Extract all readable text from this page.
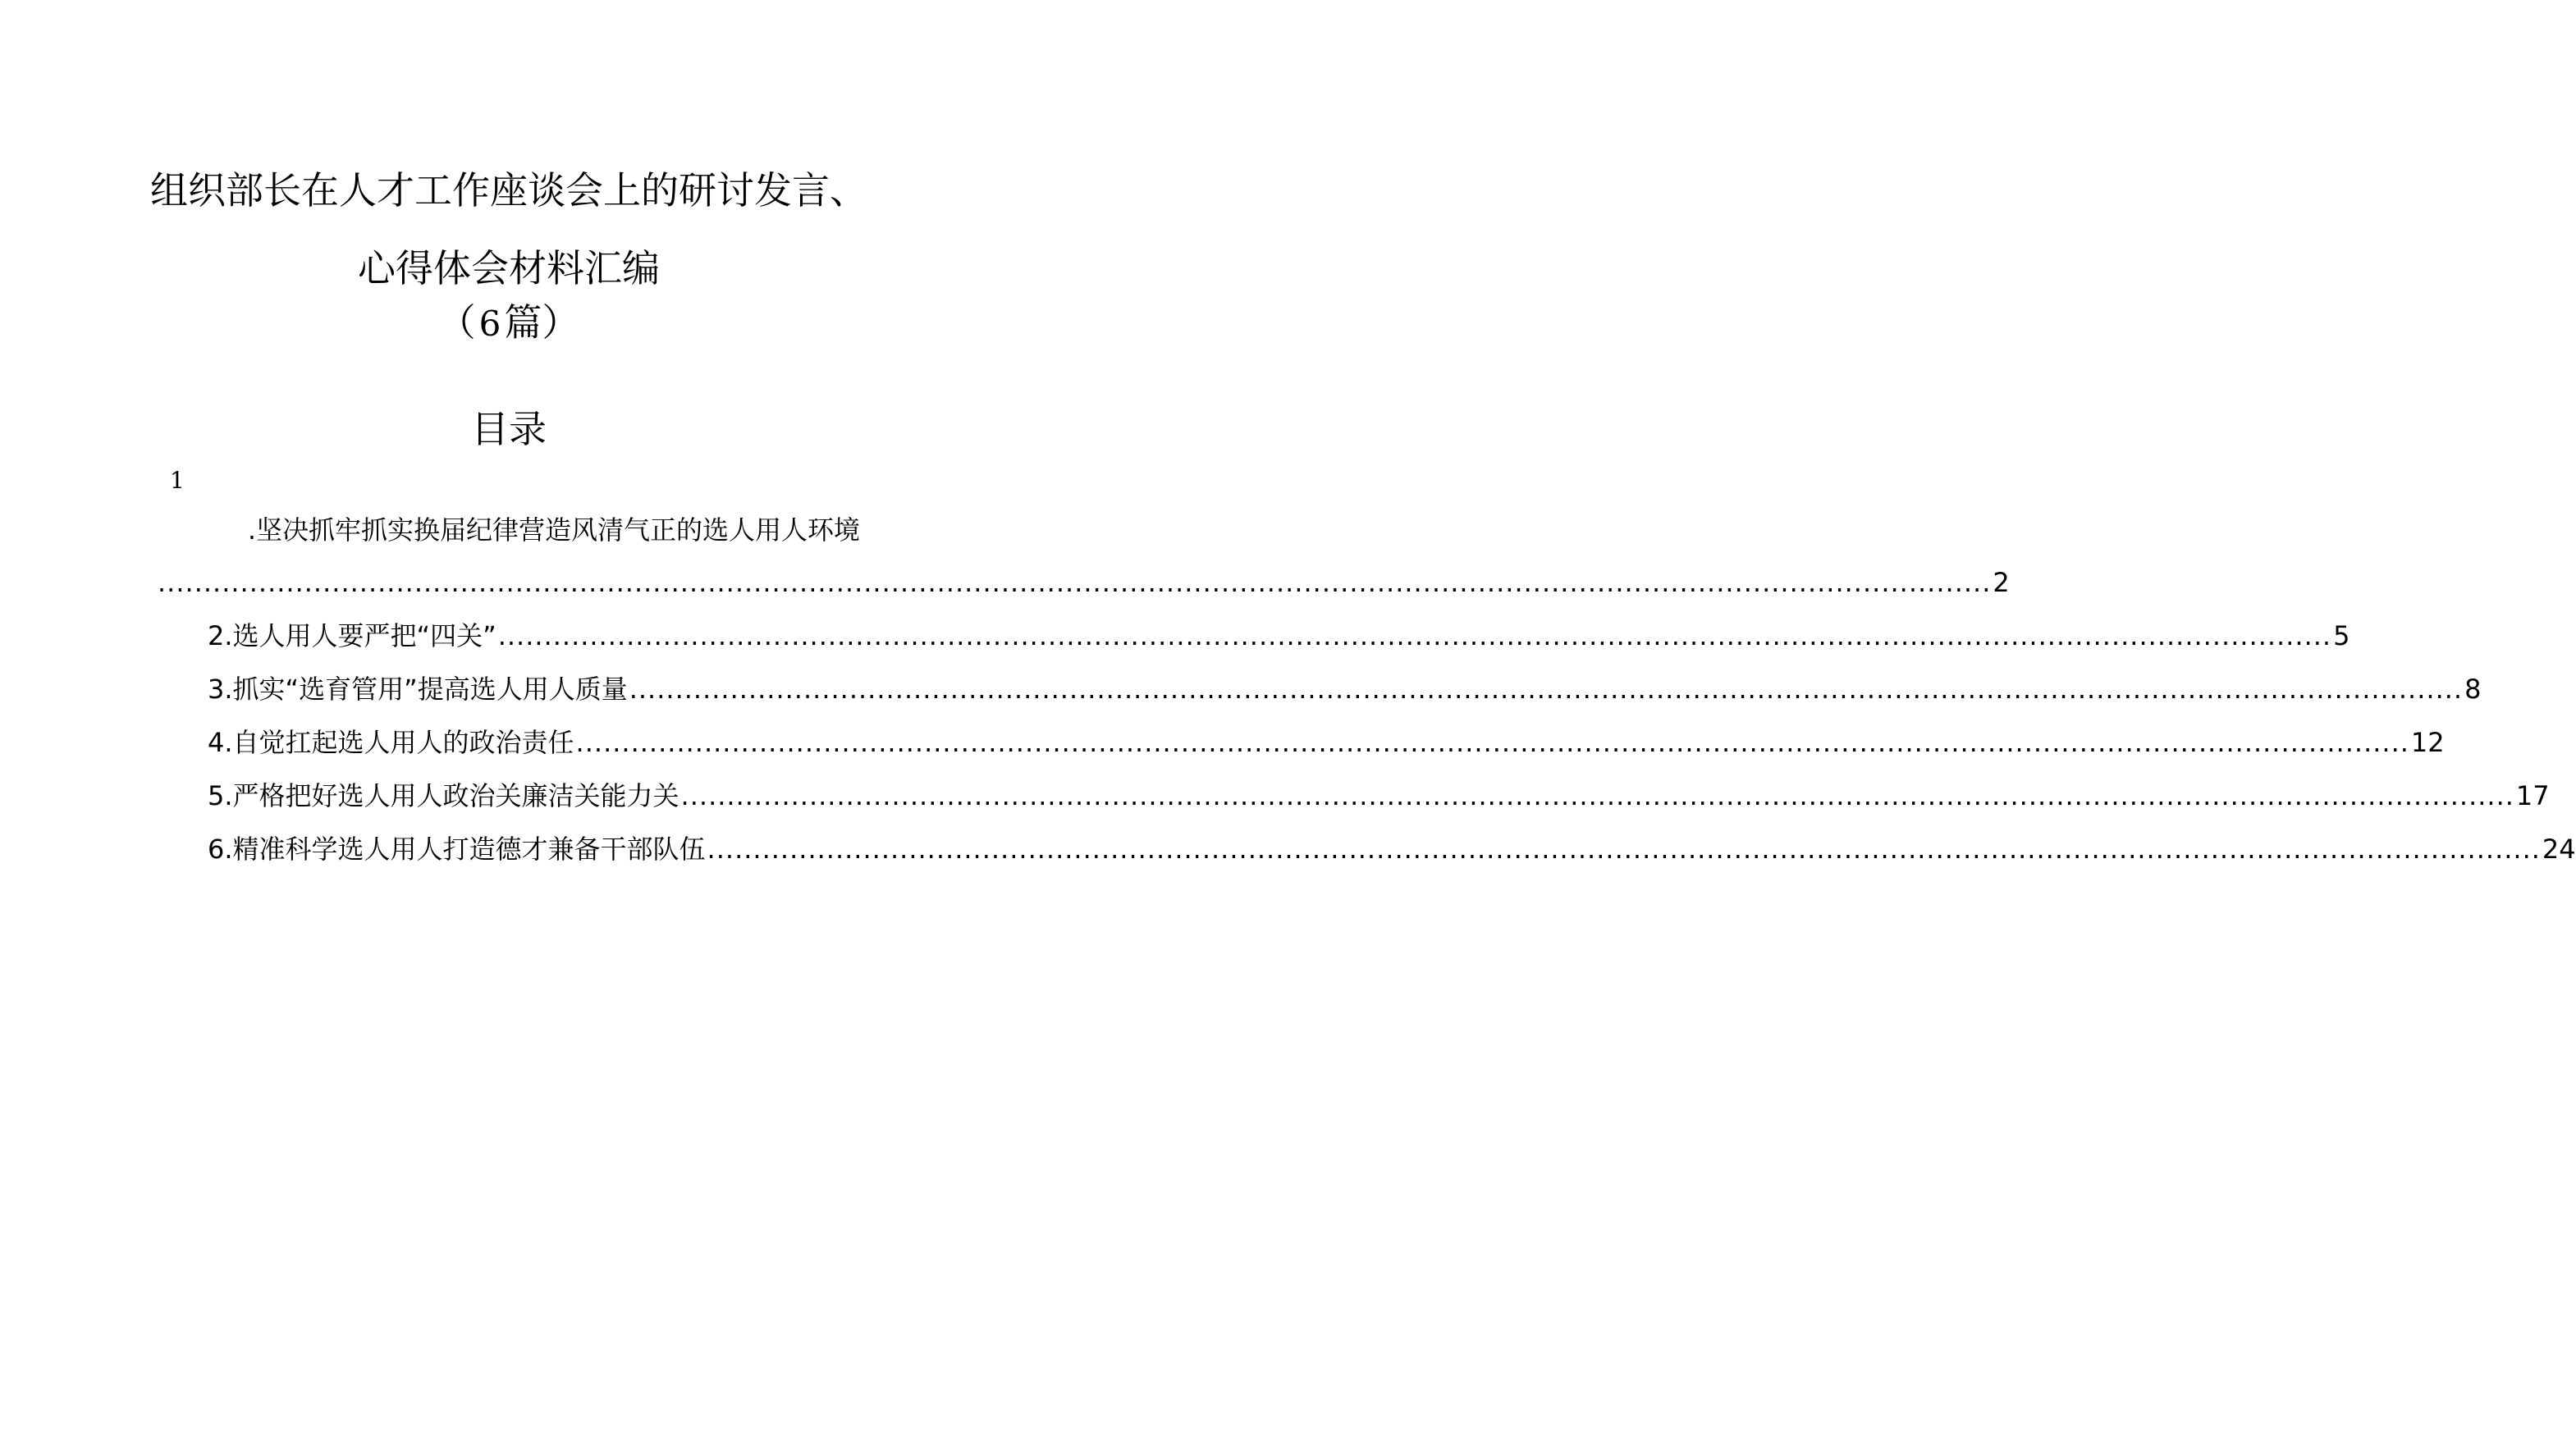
组织部长在人才工作座谈会上的研讨发言、
心得体会材料汇编
（6篇）
目录
1
.坚决抓牢抓实换届纪律营造风清气正的选人用人环境
........................................................................................................................................................................................................ 2
2.选人用人要严把“四关” ........................................................................................................................................................................................................ 5
3.抓实“选育管用”提高选人用人质量 ........................................................................................................................................................................................................ 8
4.自觉扛起选人用人的政治责任 ........................................................................................................................................................................................................ 12
5.严格把好选人用人政治关廉洁关能力关 ........................................................................................................................................................................................................ 17
6.精准科学选人用人打造德才兼备干部队伍 ........................................................................................................................................................................................................ 24
